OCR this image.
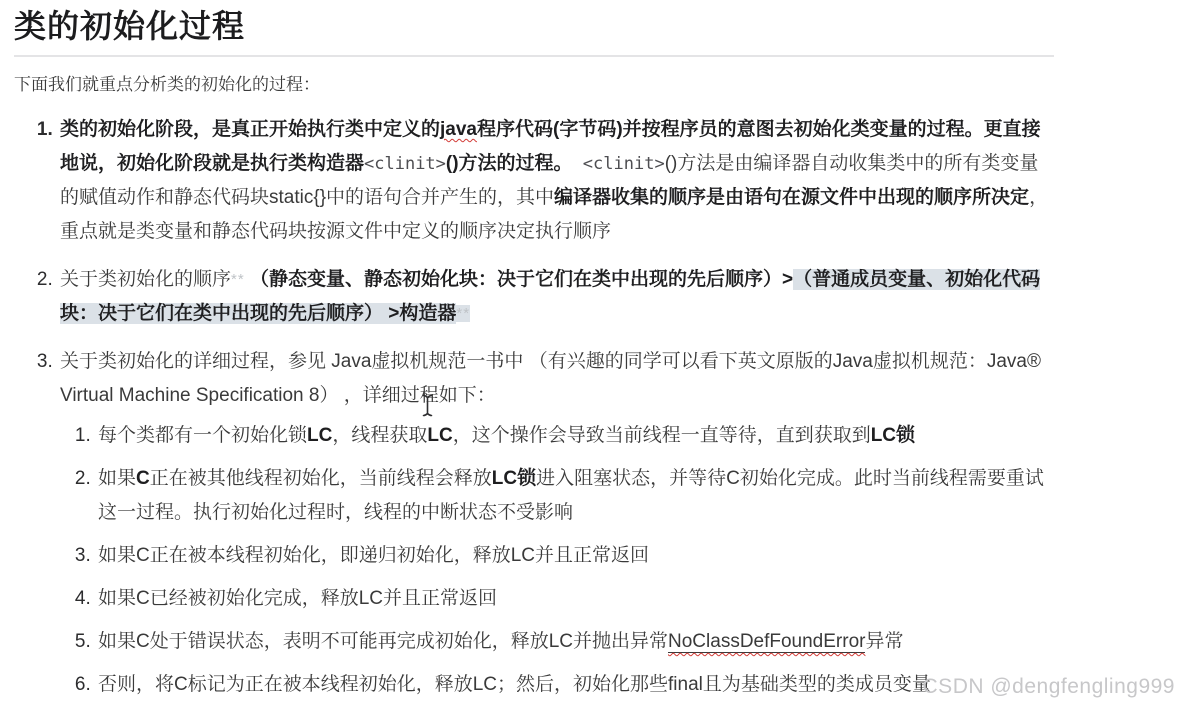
类的初始化过程

下面我们就重点分析类的初始化的过程：

1. 类的初始化阶段，是真正开始执行类中定义的java程序代码(字节码)并按程序员的意图去初始化类变量的过程。更直接地说，初始化阶段就是执行类构造器<clinit>()方法的过程。 <clinit>()方法是由编译器自动收集类中的所有类变量的赋值动作和静态代码块static{}中的语句合并产生的，其中编译器收集的顺序是由语句在源文件中出现的顺序所决定，重点就是类变量和静态代码块按源文件中定义的顺序决定执行顺序
2. 关于类初始化的顺序** （静态变量、静态初始化块：决于它们在类中出现的先后顺序）>（普通成员变量、初始化代码块：决于它们在类中出现的先后顺序） >构造器**
3. 关于类初始化的详细过程，参见 Java虚拟机规范一书中 （有兴趣的同学可以看下英文原版的Java虚拟机规范：Java® Virtual Machine Specification 8） ，详细过程如下：
1. 每个类都有一个初始化锁LC，线程获取LC，这个操作会导致当前线程一直等待，直到获取到LC锁
2. 如果C正在被其他线程初始化，当前线程会释放LC锁进入阻塞状态，并等待C初始化完成。此时当前线程需要重试这一过程。执行初始化过程时，线程的中断状态不受影响
3. 如果C正在被本线程初始化，即递归初始化，释放LC并且正常返回
4. 如果C已经被初始化完成，释放LC并且正常返回
5. 如果C处于错误状态，表明不可能再完成初始化，释放LC并抛出异常NoClassDefFoundError异常
6. 否则，将C标记为正在被本线程初始化，释放LC；然后，初始化那些final且为基础类型的类成员变量
CSDN @dengfengling999
